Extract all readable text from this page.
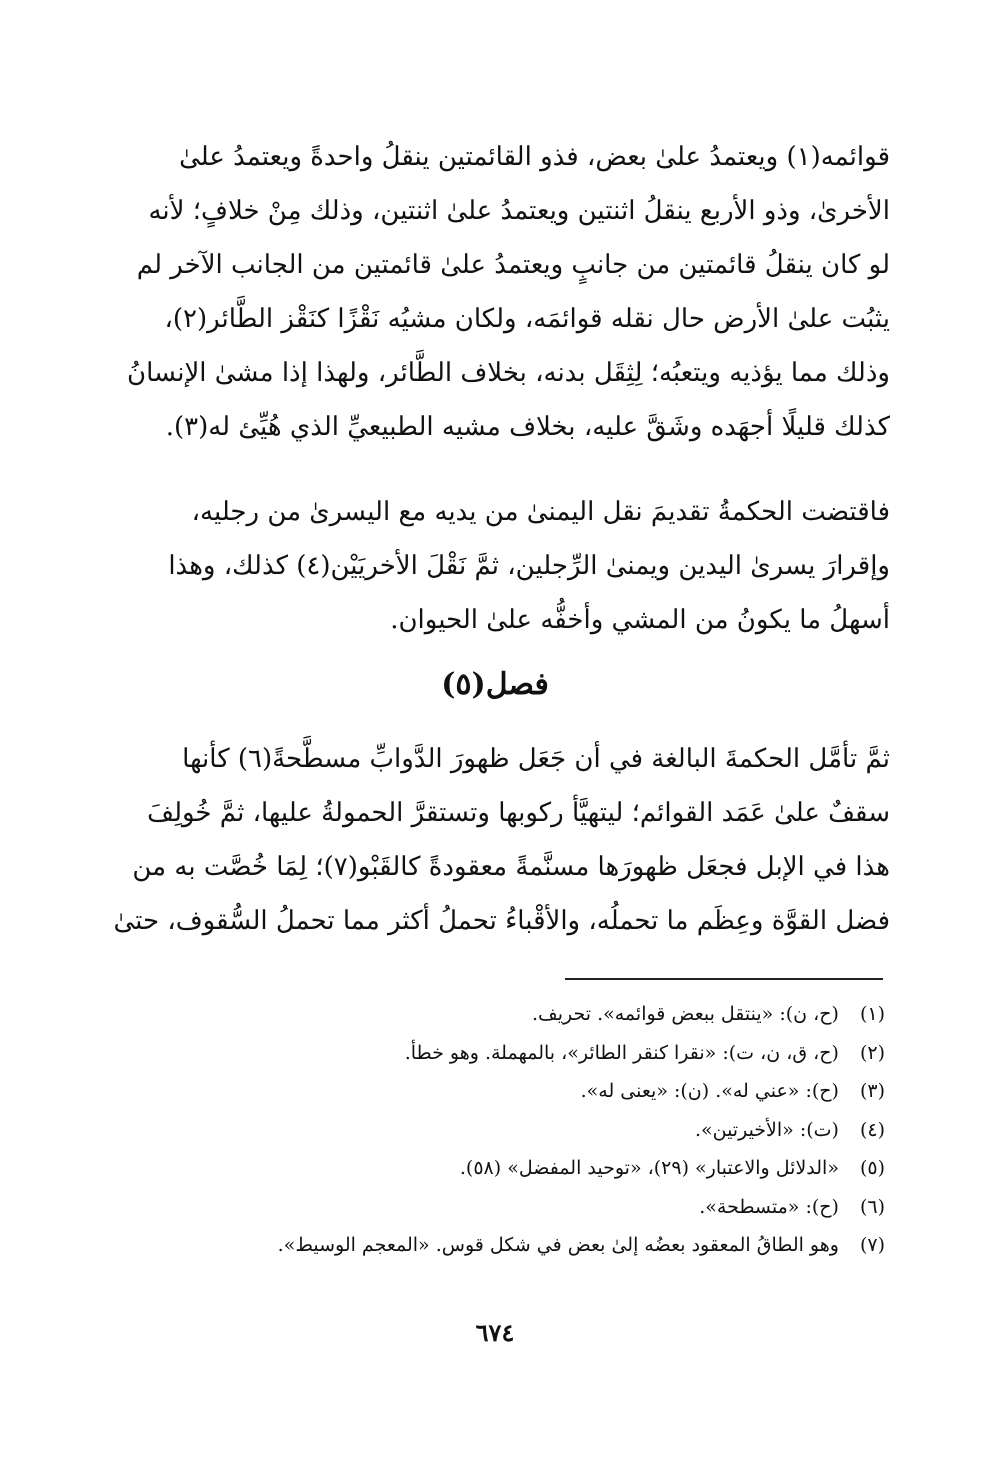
قوائمه(١) ويعتمدُ علىٰ بعض، فذو القائمتين ينقلُ واحدةً ويعتمدُ علىٰ
الأخرىٰ، وذو الأربع ينقلُ اثنتين ويعتمدُ علىٰ اثنتين، وذلك مِنْ خلافٍ؛ لأنه
لو كان ينقلُ قائمتين من جانبٍ ويعتمدُ علىٰ قائمتين من الجانب الآخر لم
يثبُت علىٰ الأرض حال نقله قوائمَه، ولكان مشيُه نَقْزًا كنَقْز الطَّائر(٢)،
وذلك مما يؤذيه ويتعبُه؛ لِثِقَل بدنه، بخلاف الطَّائر، ولهذا إذا مشىٰ الإنسانُ
كذلك قليلًا أجهَده وشَقَّ عليه، بخلاف مشيه الطبيعيِّ الذي هُيِّئ له(٣).
فاقتضت الحكمةُ تقديمَ نقل اليمنىٰ من يديه مع اليسرىٰ من رجليه،
وإقرارَ يسرىٰ اليدين ويمنىٰ الرِّجلين، ثمَّ نَقْلَ الأخريَيْن(٤) كذلك، وهذا
أسهلُ ما يكونُ من المشي وأخفُّه علىٰ الحيوان.
فصل(٥)
ثمَّ تأمَّل الحكمةَ البالغة في أن جَعَل ظهورَ الدَّوابِّ مسطَّحةً(٦) كأنها
سقفٌ علىٰ عَمَد القوائم؛ ليتهيَّأ ركوبها وتستقرَّ الحمولةُ عليها، ثمَّ خُولِفَ
هذا في الإبل فجعَل ظهورَها مسنَّمةً معقودةً كالقَبْو(٧)؛ لِمَا خُصَّت به من
فضل القوَّة وعِظَم ما تحملُه، والأقْباءُ تحملُ أكثر مما تحملُ السُّقوف، حتىٰ
(١) (ح، ن): «ينتقل ببعض قوائمه». تحريف.
(٢) (ح، ق، ن، ت): «نقرا كنقر الطائر»، بالمهملة. وهو خطأ.
(٣) (ح): «عني له». (ن): «يعنى له».
(٤) (ت): «الأخيرتين».
(٥) «الدلائل والاعتبار» (٢٩)، «توحيد المفضل» (٥٨).
(٦) (ح): «متسطحة».
(٧) وهو الطاقُ المعقود بعضُه إلىٰ بعض في شكل قوس. «المعجم الوسيط».
٦٧٤
